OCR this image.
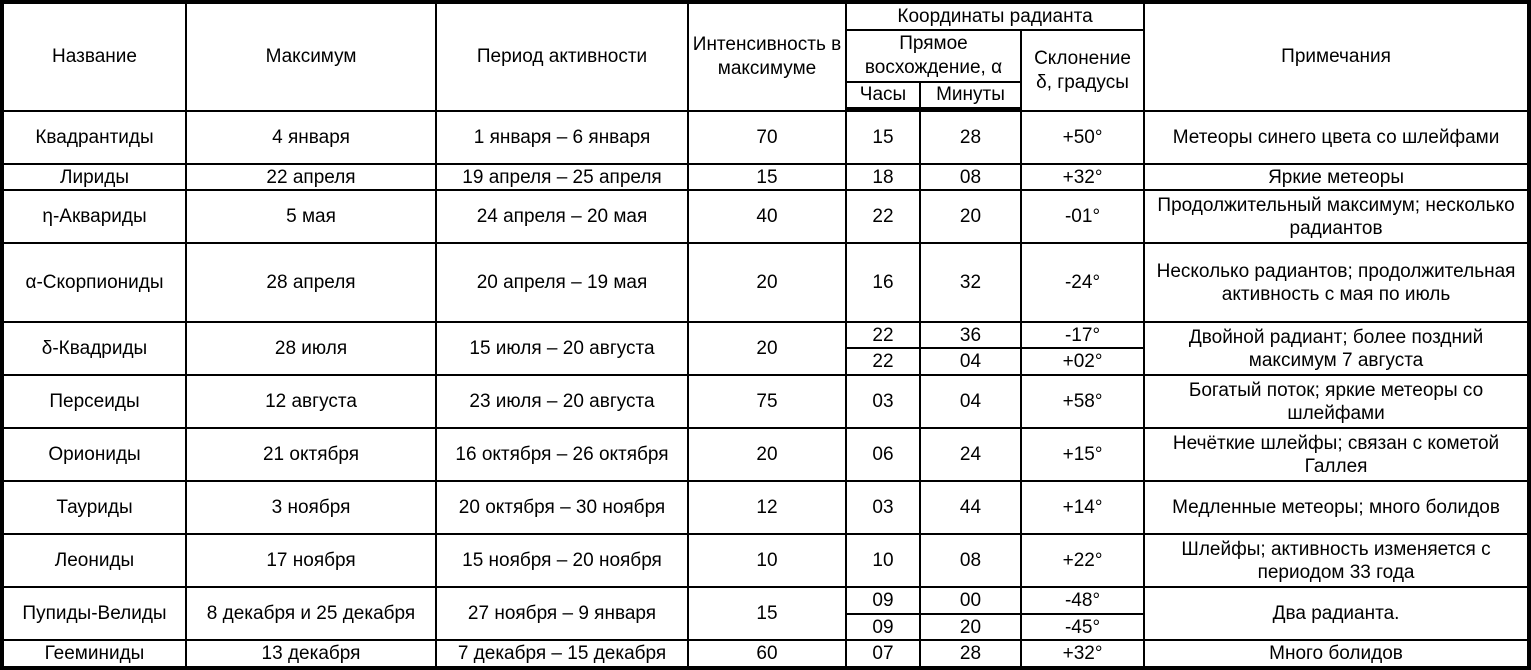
Название	Максимум	Период активности	Интенсивность в максимуме	Координаты радианта			Примечания
				Прямое восхождение, α		Склонение δ, градусы	
				Часы	Минуты		
Квадрантиды	4 января	1 января – 6 января	70	15	28	+50°	Метеоры синего цвета со шлейфами
Лириды	22 апреля	19 апреля – 25 апреля	15	18	08	+32°	Яркие метеоры
η-Аквариды	5 мая	24 апреля – 20 мая	40	22	20	-01°	Продолжительный максимум; несколько радиантов
α-Скорпиониды	28 апреля	20 апреля – 19 мая	20	16	32	-24°	Несколько радиантов; продолжительная активность с мая по июль
δ-Квадриды	28 июля	15 июля – 20 августа	20	22	36	-17°	Двойной радиант; более поздний максимум 7 августа
				22	04	+02°	
Персеиды	12 августа	23 июля – 20 августа	75	03	04	+58°	Богатый поток; яркие метеоры со шлейфами
Ориониды	21 октября	16 октября – 26 октября	20	06	24	+15°	Нечёткие шлейфы; связан с кометой Галлея
Тауриды	3 ноября	20 октября – 30 ноября	12	03	44	+14°	Медленные метеоры; много болидов
Леониды	17 ноября	15 ноября – 20 ноября	10	10	08	+22°	Шлейфы; активность изменяется с периодом 33 года
Пупиды-Велиды	8 декабря и 25 декабря	27 ноября – 9 января	15	09	00	-48°	Два радианта.
				09	20	-45°	
Гееминиды	13 декабря	7 декабря – 15 декабря	60	07	28	+32°	Много болидов
